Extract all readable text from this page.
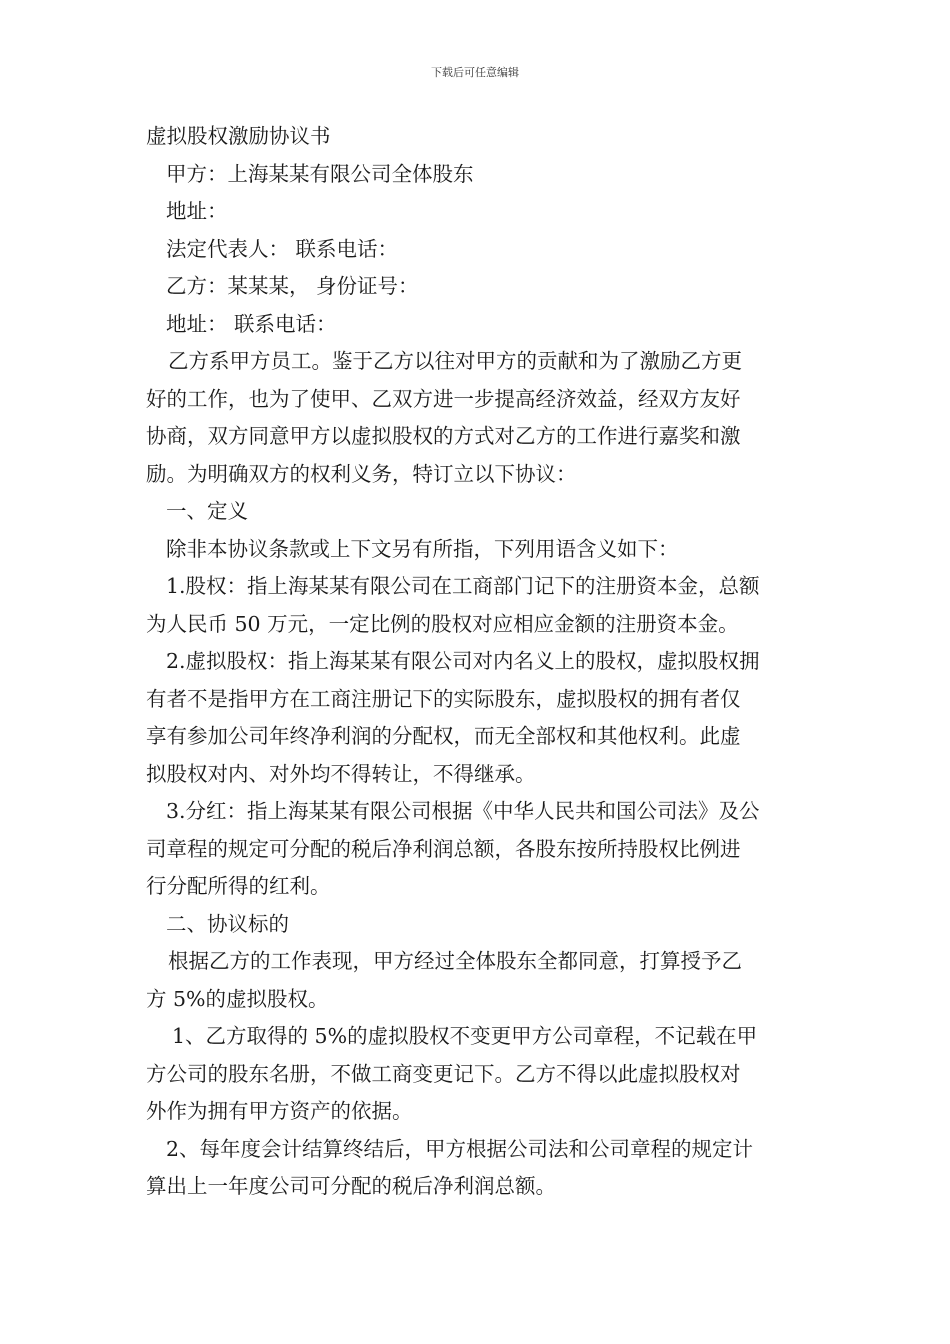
下载后可任意编辑
虚拟股权激励协议书
甲方：上海某某有限公司全体股东
地址：
法定代表人： 联系电话：
乙方：某某某， 身份证号：
地址： 联系电话：
乙方系甲方员工。鉴于乙方以往对甲方的贡献和为了激励乙方更
好的工作，也为了使甲、乙双方进一步提高经济效益，经双方友好
协商，双方同意甲方以虚拟股权的方式对乙方的工作进行嘉奖和激
励。为明确双方的权利义务，特订立以下协议：
一、定义
除非本协议条款或上下文另有所指，下列用语含义如下：
1.股权：指上海某某有限公司在工商部门记下的注册资本金，总额
为人民币 50 万元，一定比例的股权对应相应金额的注册资本金。
2.虚拟股权：指上海某某有限公司对内名义上的股权，虚拟股权拥
有者不是指甲方在工商注册记下的实际股东，虚拟股权的拥有者仅
享有参加公司年终净利润的分配权，而无全部权和其他权利。此虚
拟股权对内、对外均不得转让，不得继承。
3.分红：指上海某某有限公司根据《中华人民共和国公司法》及公
司章程的规定可分配的税后净利润总额，各股东按所持股权比例进
行分配所得的红利。
二、协议标的
根据乙方的工作表现，甲方经过全体股东全都同意，打算授予乙
方 5%的虚拟股权。
1、乙方取得的 5%的虚拟股权不变更甲方公司章程，不记载在甲
方公司的股东名册，不做工商变更记下。乙方不得以此虚拟股权对
外作为拥有甲方资产的依据。
2、每年度会计结算终结后，甲方根据公司法和公司章程的规定计
算出上一年度公司可分配的税后净利润总额。
